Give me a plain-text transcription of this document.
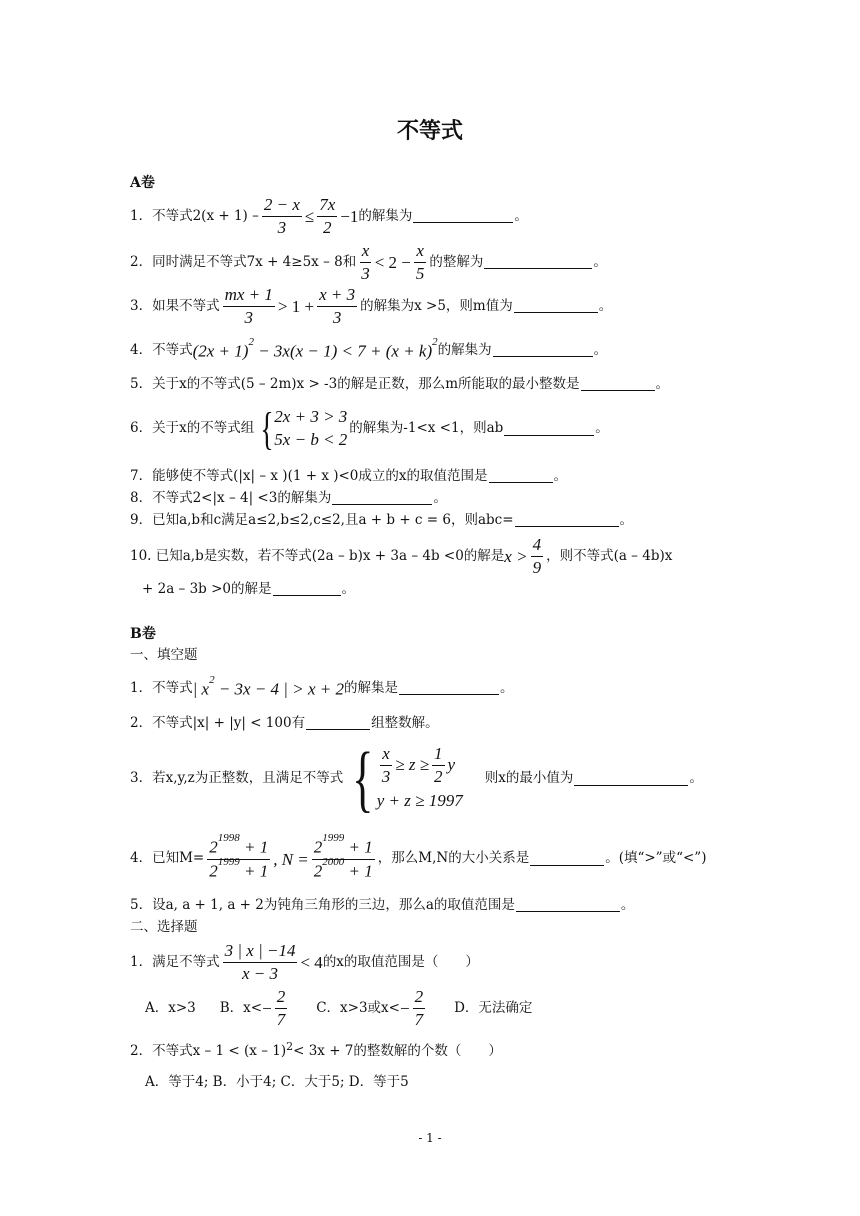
不等式
A卷
1．不等式$2(x + 1) - \frac{2 - x}{3} \le \frac{7x}{2} -1$ 的解集为	。
2．同时满足不等式7x + 4≥5x – 8和 $\frac{x}{3} < 2 - \frac{x}{5}$ 的整解为	。
3．如果不等式 $\frac{mx + 1}{3} > 1 + \frac{x + 3}{3}$ 的解集为x >5，则m值为	。
4．不等式 $(2x + 1)^2 - 3x(x - 1) < 7 + (x + k)^2$
的解集为	。
5．关于x的不等式(5 – 2m)x > -3的解是正数，那么m所能取的最小整数是	。
6．关于x的不等式组 { 2x + 3 > 3
5x − b < 2
的解集为-1<x <1，则ab	。
7．能够使不等式(|x| – x )(1 + x )<0成立的x的取值范围是	。
8．不等式2<|x – 4| <3的解集为	。
9．已知a,b和c满足a≤2,b≤2,c≤2,且a + b + c = 6，则abc=	。
10. 已知a,b是实数，若不等式(2a – b)x + 3a – 4b <0的解是 $x > \frac{4}{9}$ ，则不等式(a – 4b)x
+ 2a – 3b >0的解是	。
B卷
一、填空题
1．不等式 | $x^2 - 3x - 4$ | > x + 2 的解集是	。
2．不等式|x| + |y| < 100有	组整数解。
3．若x,y,z为正整数，且满足不等式 { $\frac{x}{3} \ge z \ge \frac{1}{2}$ y
y + z ≥ 1997
则x的最小值为	。
4．已知$M= \frac{2^{1998} + 1}{2^{1999} + 1}$ , $N = \frac{2^{1999} + 1}{2^{2000} + 1}$ ，那么M,N的大小关系是	。(填“>”或“<”)
5．设a, a + 1, a + 2为钝角三角形的三边，那么a的取值范围是	。
二、选择题
1．满足不等式 $\frac{3 | x | -14}{x - 3} < 4$ 的x的取值范围是（　　）
A．x>3 B．$x< - \frac{2}{7}$ C．x>3或$x< - \frac{2}{7}$ D．无法确定
2．不等式x – 1 < (x – 1) 2 < 3x + 7的整数解的个数（　　）
A．等于4; B．小于4; C．大于5; D．等于5
- 1 -
